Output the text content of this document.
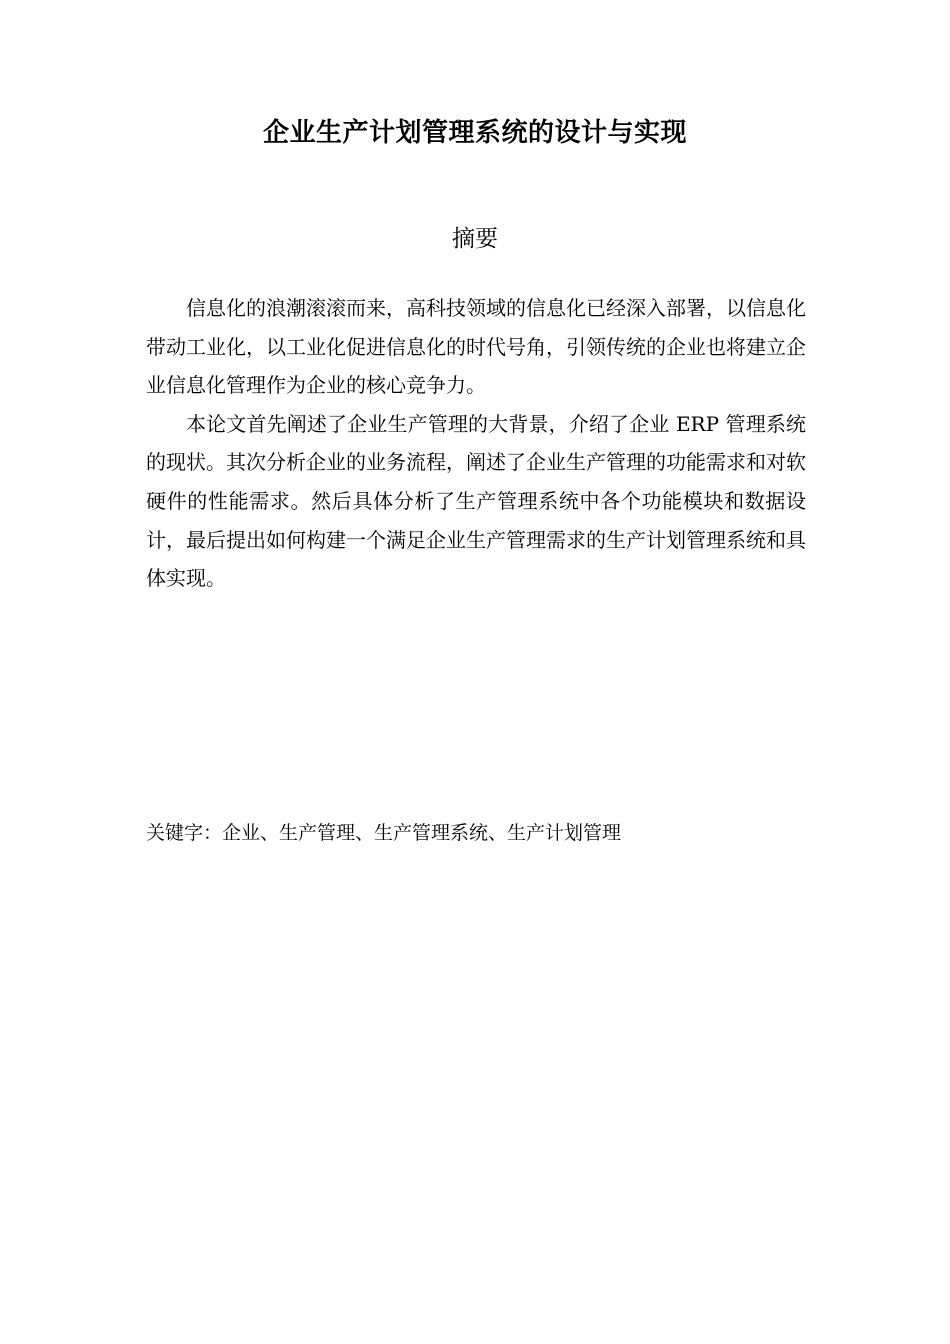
企业生产计划管理系统的设计与实现
摘要

信息化的浪潮滚滚而来，高科技领域的信息化已经深入部署，以信息化带动工业化，以工业化促进信息化的时代号角，引领传统的企业也将建立企业信息化管理作为企业的核心竞争力。

本论文首先阐述了企业生产管理的大背景，介绍了企业 ERP 管理系统的现状。其次分析企业的业务流程，阐述了企业生产管理的功能需求和对软硬件的性能需求。然后具体分析了生产管理系统中各个功能模块和数据设计，最后提出如何构建一个满足企业生产管理需求的生产计划管理系统和具体实现。

关键字：企业、生产管理、生产管理系统、生产计划管理
